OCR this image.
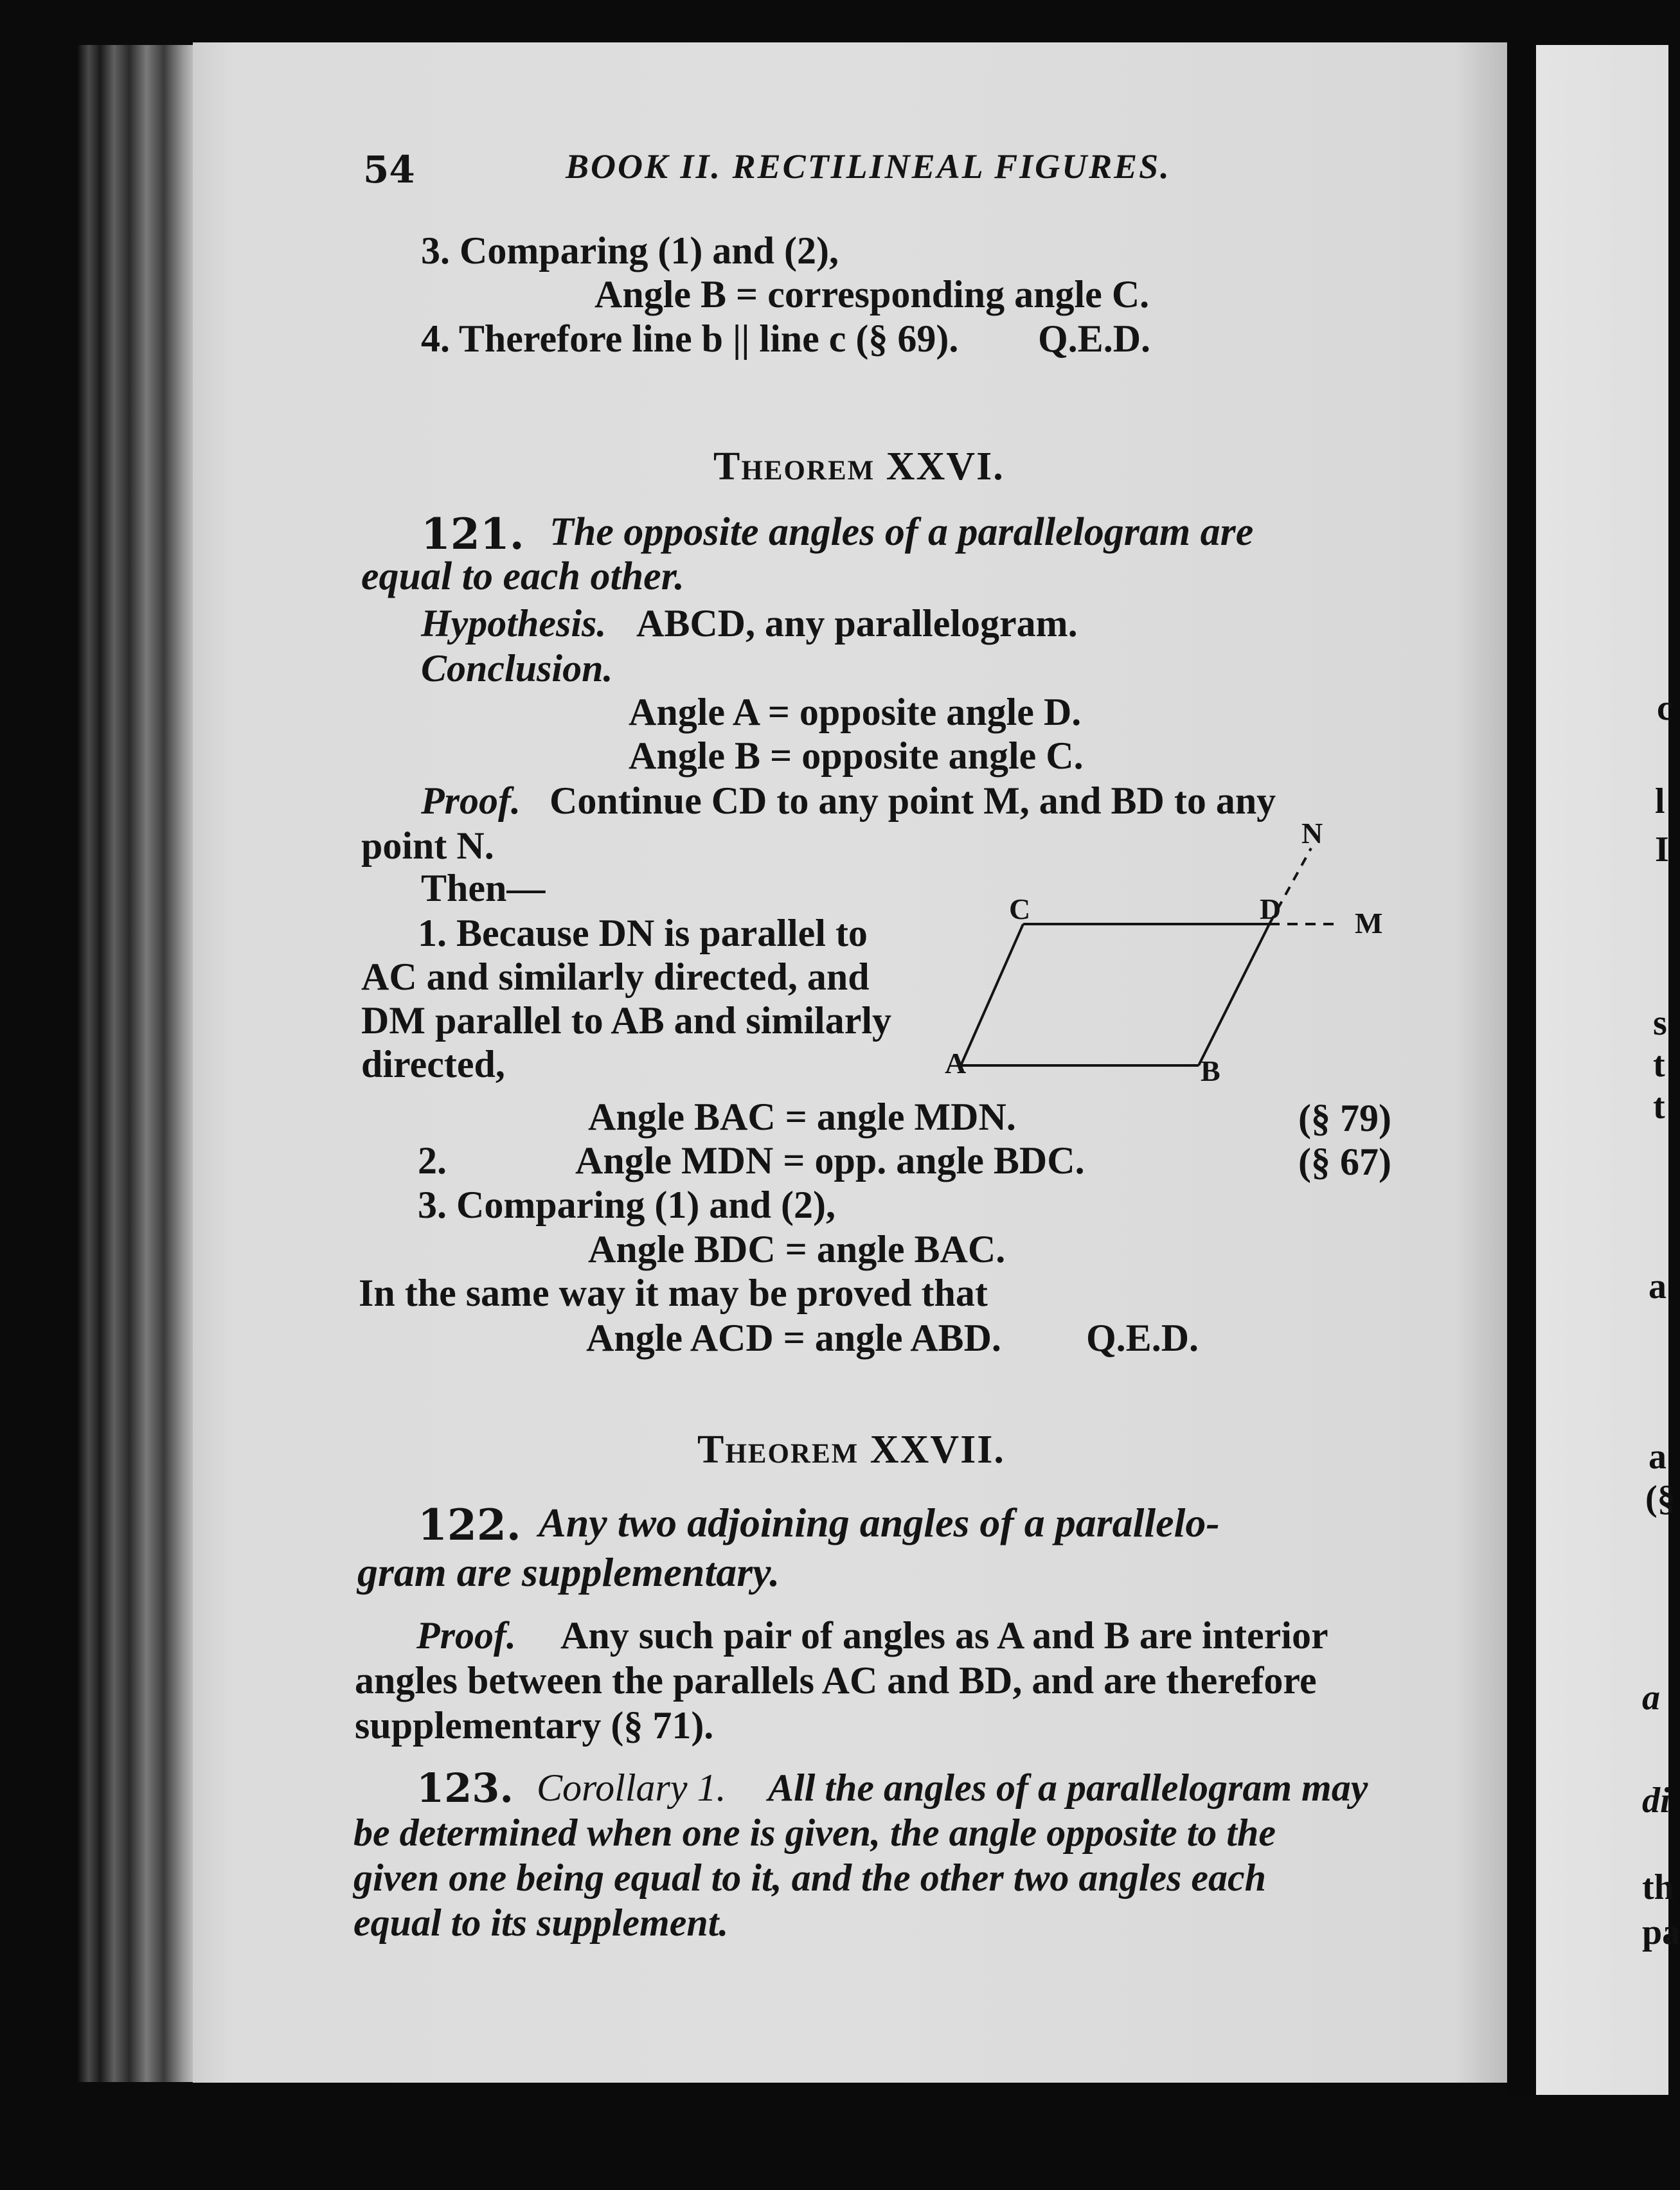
c
l
I
s
t
t
a
a
(§
a
di
th
pa
54	BOOK II. RECTILINEAL FIGURES.
3. Comparing (1) and (2),
Angle B = corresponding angle C.
4. Therefore line b || line c (§ 69). Q.E.D.
Theorem XXVI.
121. The opposite angles of a parallelogram are
equal to each other.
Hypothesis. ABCD, any parallelogram.
Conclusion.
Angle A = opposite angle D.
Angle B = opposite angle C.
Proof. Continue CD to any point M, and BD to any
point N.
Then—
1. Because DN is parallel to
AC and similarly directed, and
DM parallel to AB and similarly
directed,
Angle BAC = angle MDN.	(§ 79)
2.	Angle MDN = opp. angle BDC.	(§ 67)
3. Comparing (1) and (2),
Angle BDC = angle BAC.
In the same way it may be proved that
Angle ACD = angle ABD. Q.E.D.
A	B
C	D M
N
Theorem XXVII.
122. Any two adjoining angles of a parallelo-
gram are supplementary.
Proof. Any such pair of angles as A and B are interior
angles between the parallels AC and BD, and are therefore
supplementary (§ 71).
123. Corollary 1. All the angles of a parallelogram may
be determined when one is given, the angle opposite to the
given one being equal to it, and the other two angles each
equal to its supplement.
